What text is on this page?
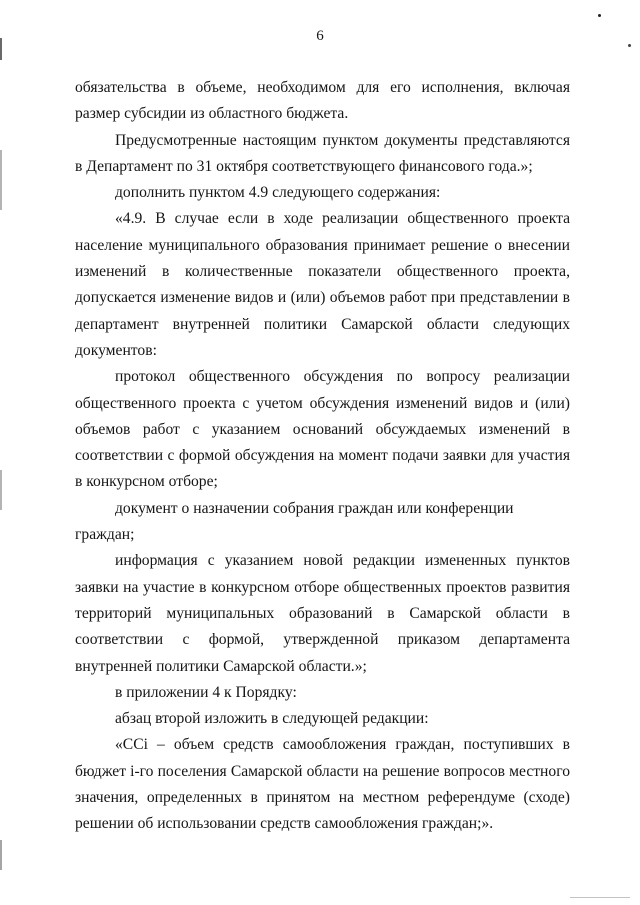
6

обязательства в объеме, необходимом для его исполнения, включая размер субсидии из областного бюджета.

Предусмотренные настоящим пунктом документы представляются в Департамент по 31 октября соответствующего финансового года.»;

дополнить пунктом 4.9 следующего содержания:

«4.9. В случае если в ходе реализации общественного проекта население муниципального образования принимает решение о внесении изменений в количественные показатели общественного проекта, допускается изменение видов и (или) объемов работ при представлении в департамент внутренней политики Самарской области следующих документов:

протокол общественного обсуждения по вопросу реализации общественного проекта с учетом обсуждения изменений видов и (или) объемов работ с указанием оснований обсуждаемых изменений в соответствии с формой обсуждения на момент подачи заявки для участия в конкурсном отборе;

документ о назначении собрания граждан или конференции граждан;

информация с указанием новой редакции измененных пунктов заявки на участие в конкурсном отборе общественных проектов развития территорий муниципальных образований в Самарской области в соответствии с формой, утвержденной приказом департамента внутренней политики Самарской области.»;

в приложении 4 к Порядку:

абзац второй изложить в следующей редакции:

«ССi – объем средств самообложения граждан, поступивших в бюджет i-го поселения Самарской области на решение вопросов местного значения, определенных в принятом на местном референдуме (сходе) решении об использовании средств самообложения граждан;».
